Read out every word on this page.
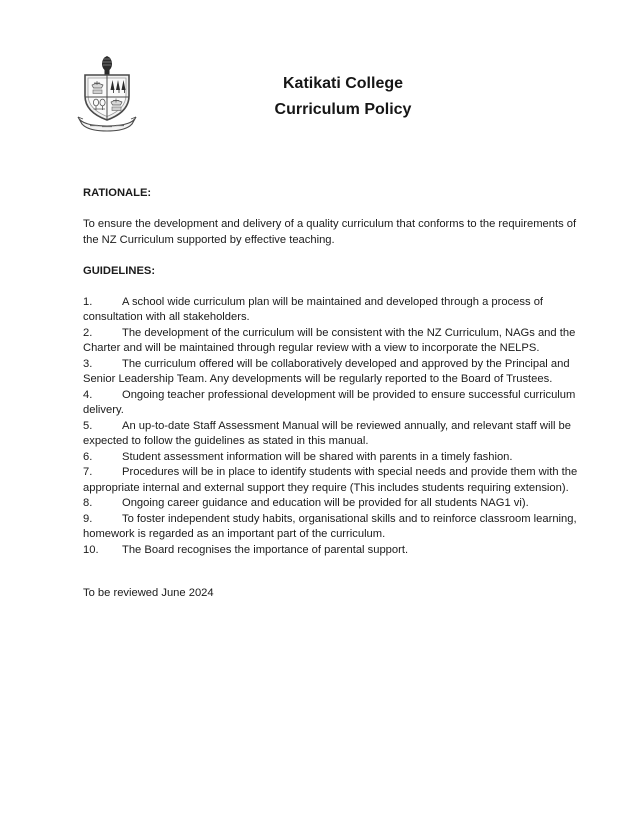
Katikati College

Curriculum Policy

RATIONALE:

To ensure the development and delivery of a quality curriculum that conforms to the requirements of the NZ Curriculum supported by effective teaching.

GUIDELINES:

1.	A school wide curriculum plan will be maintained and developed through a process of consultation with all stakeholders.

2.	The development of the curriculum will be consistent with the NZ Curriculum, NAGs and the Charter and will be maintained through regular review with a view to incorporate the NELPS.

3.	The curriculum offered will be collaboratively developed and approved by the Principal and Senior Leadership Team. Any developments will be regularly reported to the Board of Trustees.

4.	Ongoing teacher professional development will be provided to ensure successful curriculum delivery.

5.	An up-to-date Staff Assessment Manual will be reviewed annually, and relevant staff will be expected to follow the guidelines as stated in this manual.

6.	Student assessment information will be shared with parents in a timely fashion.

7.	Procedures will be in place to identify students with special needs and provide them with the appropriate internal and external support they require (This includes students requiring extension).

8.	Ongoing career guidance and education will be provided for all students NAG1 vi).

9.	To foster independent study habits, organisational skills and to reinforce classroom learning, homework is regarded as an important part of the curriculum.

10. The Board recognises the importance of parental support.

To be reviewed June 2024
